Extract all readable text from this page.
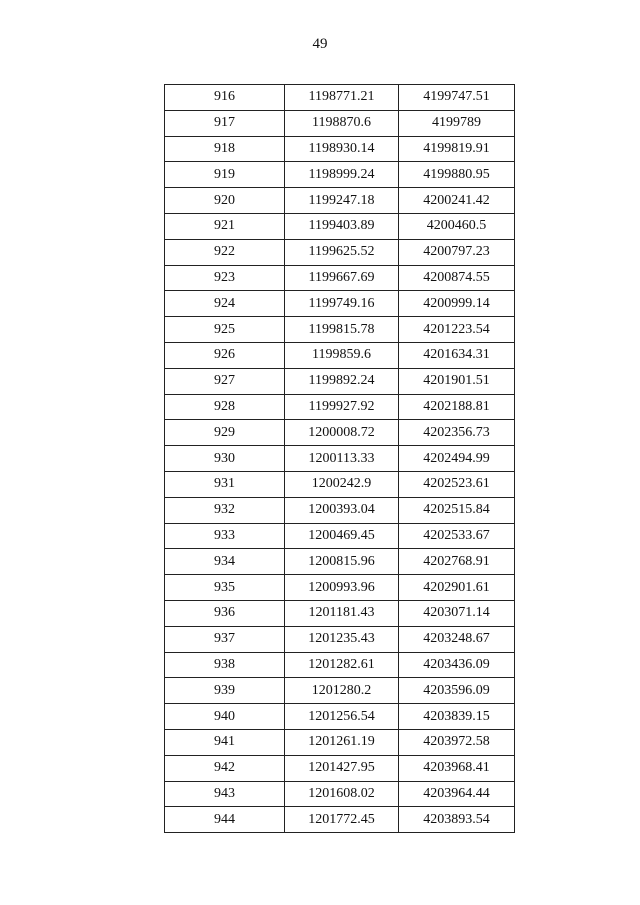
49
916	1198771.21	4199747.51
917	1198870.6	4199789
918	1198930.14	4199819.91
919	1198999.24	4199880.95
920	1199247.18	4200241.42
921	1199403.89	4200460.5
922	1199625.52	4200797.23
923	1199667.69	4200874.55
924	1199749.16	4200999.14
925	1199815.78	4201223.54
926	1199859.6	4201634.31
927	1199892.24	4201901.51
928	1199927.92	4202188.81
929	1200008.72	4202356.73
930	1200113.33	4202494.99
931	1200242.9	4202523.61
932	1200393.04	4202515.84
933	1200469.45	4202533.67
934	1200815.96	4202768.91
935	1200993.96	4202901.61
936	1201181.43	4203071.14
937	1201235.43	4203248.67
938	1201282.61	4203436.09
939	1201280.2	4203596.09
940	1201256.54	4203839.15
941	1201261.19	4203972.58
942	1201427.95	4203968.41
943	1201608.02	4203964.44
944	1201772.45	4203893.54
